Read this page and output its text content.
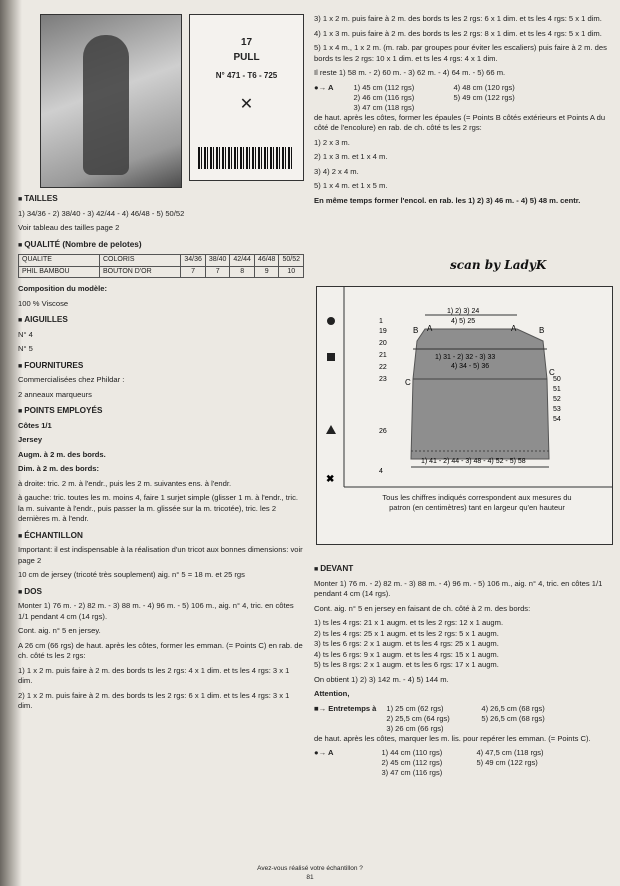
17
PULL
N° 471 - T6 - 725
✕
■ TAILLES

1) 34/36 - 2) 38/40 - 3) 42/44 - 4) 46/48 - 5) 50/52

Voir tableau des tailles page 2

■ QUALITÉ (Nombre de pelotes)
QUALITE	COLORIS	34/36	38/40	42/44	46/48	50/52
PHIL BAMBOU	BOUTON D'OR	7	7	8	9	10

Composition du modèle:

100 % Viscose

■ AIGUILLES

N° 4

N° 5

■ FOURNITURES

Commercialisées chez Phildar :

2 anneaux marqueurs

■ POINTS EMPLOYÉS

Côtes 1/1

Jersey

Augm. à 2 m. des bords.

Dim. à 2 m. des bords:

à droite: tric. 2 m. à l'endr., puis les 2 m. suivantes ens. à l'endr.

à gauche: tric. toutes les m. moins 4, faire 1 surjet simple (glisser 1 m. à l'endr., tric. la m. suivante à l'endr., puis passer la m. glissée sur la m. tricotée), tric. les 2 dernières m. à l'endr.

■ ÉCHANTILLON

Important: il est indispensable à la réalisation d'un tricot aux bonnes dimensions: voir page 2

10 cm de jersey (tricoté très souplement) aig. n° 5 = 18 m. et 25 rgs

■ DOS

Monter 1) 76 m. - 2) 82 m. - 3) 88 m. - 4) 96 m. - 5) 106 m., aig. n° 4, tric. en côtes 1/1 pendant 4 cm (14 rgs).

Cont. aig. n° 5 en jersey.

A 26 cm (66 rgs) de haut. après les côtes, former les emman. (= Points C) en rab. de ch. côté ts les 2 rgs:

1) 1 x 2 m. puis faire à 2 m. des bords ts les 2 rgs: 4 x 1 dim. et ts les 4 rgs: 3 x 1 dim.

2) 1 x 2 m. puis faire à 2 m. des bords ts les 2 rgs: 6 x 1 dim. et ts les 4 rgs: 3 x 1 dim.

3) 1 x 2 m. puis faire à 2 m. des bords ts les 2 rgs: 6 x 1 dim. et ts les 4 rgs: 5 x 1 dim.

4) 1 x 3 m. puis faire à 2 m. des bords ts les 2 rgs: 8 x 1 dim. et ts les 4 rgs: 5 x 1 dim.

5) 1 x 4 m., 1 x 2 m. (m. rab. par groupes pour éviter les escaliers) puis faire à 2 m. des bords ts les 2 rgs: 10 x 1 dim. et ts les 4 rgs: 4 x 1 dim.

Il reste 1) 58 m. - 2) 60 m. - 3) 62 m. - 4) 64 m. - 5) 66 m.

●→ A	1) 45 cm (112 rgs)	4) 48 cm (120 rgs)
2) 46 cm (116 rgs)	5) 49 cm (122 rgs)
3) 47 cm (118 rgs)

de haut. après les côtes, former les épaules (= Points B côtés extérieurs et Points A du côté de l'encolure) en rab. de ch. côté ts les 2 rgs:

1) 2 x 3 m.

2) 1 x 3 m. et 1 x 4 m.

3) 4) 2 x 4 m.

5) 1 x 4 m. et 1 x 5 m.

En même temps former l'encol. en rab. les 1) 2) 3) 46 m. - 4) 5) 48 m. centr.

scan by LadyK
✖
50
51
52
53
54
1
19
20
21
22
23
26
4
1) 2) 3) 24
4) 5) 25
1) 31 - 2) 32 - 3) 33
4) 34 - 5) 36
1) 41 - 2) 44 - 3) 48 - 4) 52 - 5) 58
A	A
B	B
C
C
Tous les chiffres indiqués correspondent aux mesures du patron (en centimètres) tant en largeur qu'en hauteur
■ DEVANT

Monter 1) 76 m. - 2) 82 m. - 3) 88 m. - 4) 96 m. - 5) 106 m., aig. n° 4, tric. en côtes 1/1 pendant 4 cm (14 rgs).

Cont. aig. n° 5 en jersey en faisant de ch. côté à 2 m. des bords:

1) ts les 4 rgs: 21 x 1 augm. et ts les 2 rgs: 12 x 1 augm.

2) ts les 4 rgs: 25 x 1 augm. et ts les 2 rgs: 5 x 1 augm.

3) ts les 6 rgs: 2 x 1 augm. et ts les 4 rgs: 25 x 1 augm.

4) ts les 6 rgs: 9 x 1 augm. et ts les 4 rgs: 15 x 1 augm.

5) ts les 8 rgs: 2 x 1 augm. et ts les 6 rgs: 17 x 1 augm.

On obtient 1) 2) 3) 142 m. - 4) 5) 144 m.

Attention,

■→ Entretemps à 1) 25 cm (62 rgs)	4) 26,5 cm (68 rgs)
2) 25,5 cm (64 rgs)	5) 26,5 cm (68 rgs)
3) 26 cm (66 rgs)

de haut. après les côtes, marquer les m. lis. pour repérer les emman. (= Points C).

●→ A	1) 44 cm (110 rgs)	4) 47,5 cm (118 rgs)
2) 45 cm (112 rgs)	5) 49 cm (122 rgs)
3) 47 cm (116 rgs)
Avez-vous réalisé votre échantillon ?
81
